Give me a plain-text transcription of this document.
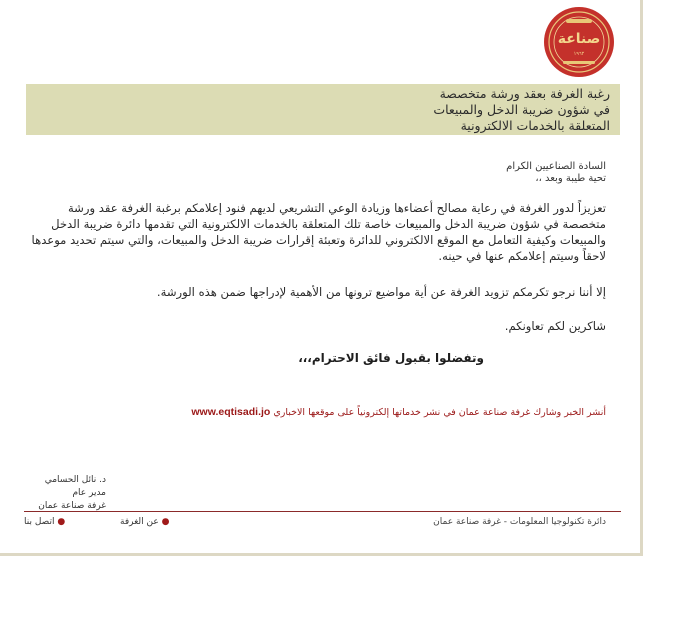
صناعة
١٩٦٢
رغبة الغرفة بعقد ورشة متخصصة
في شؤون ضريبة الدخل والمبيعات
المتعلقة بالخدمات الالكترونية
السادة الصناعيين الكرام
تحية طيبة وبعد ،،
تعزيزاً لدور الغرفة في رعاية مصالح أعضاءها وزيادة الوعي التشريعي لديهم فنود إعلامكم برغبة الغرفة عقد ورشة متخصصة في شؤون ضريبة الدخل والمبيعات خاصة تلك المتعلقة بالخدمات الالكترونية التي تقدمها دائرة ضريبة الدخل والمبيعات وكيفية التعامل مع الموقع الالكتروني للدائرة وتعبئة إقرارات ضريبة الدخل والمبيعات، والتي سيتم تحديد موعدها لاحقاً وسيتم إعلامكم عنها في حينه.
إلا أننا نرجو تكرمكم تزويد الغرفة عن أية مواضيع ترونها من الأهمية لإدراجها ضمن هذه الورشة.
شاكرين لكم تعاونكم.
وتفضلوا بقبول فائق الاحترام،،،
أنشر الخبر وشارك غرفة صناعة عمان في نشر خدماتها إلكترونياً على موقعها الاخباري www.eqtisadi.jo
د. نائل الحسامي
مدير عام
غرفة صناعة عمان
● اتصل بنا	● عن الغرفة	دائرة تكنولوجيا المعلومات - غرفة صناعة عمان
